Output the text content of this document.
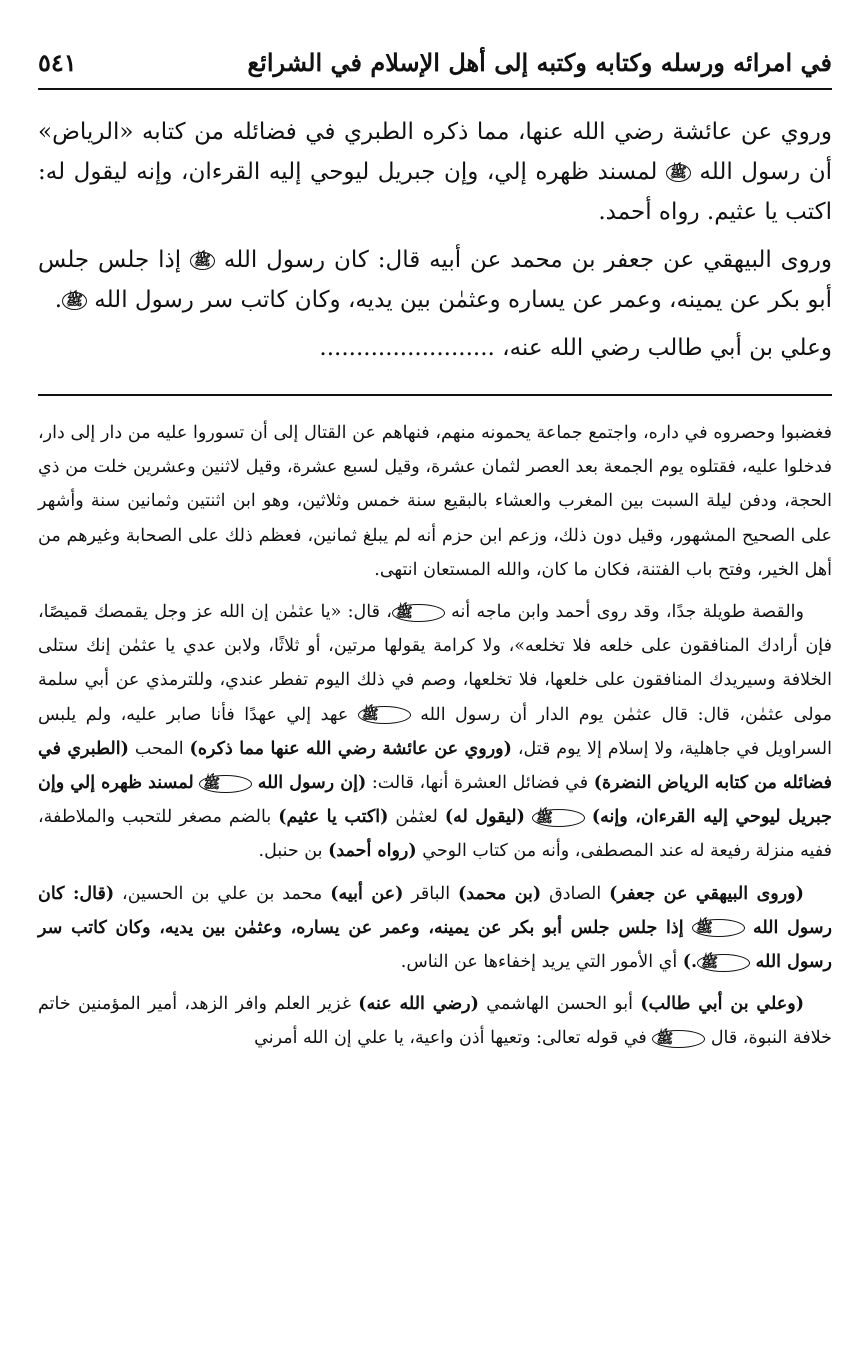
في امرائه ورسله وكتابه وكتبه إلى أهل الإسلام في الشرائع
٥٤١

وروي عن عائشة رضي الله عنها، مما ذكره الطبري في فضائله من كتابه «الرياض» أن رسول الله ﷺ لمسند ظهره إلي، وإن جبريل ليوحي إليه القرءان، وإنه ليقول له: اكتب يا عثيم. رواه أحمد.

وروى البيهقي عن جعفر بن محمد عن أبيه قال: كان رسول الله ﷺ إذا جلس جلس أبو بكر عن يمينه، وعمر عن يساره وعثمٰن بين يديه، وكان كاتب سر رسول الله ﷺ.

وعلي بن أبي طالب رضي الله عنه، ........................

فغضبوا وحصروه في داره، واجتمع جماعة يحمونه منهم، فنهاهم عن القتال إلى أن تسوروا عليه من دار إلى دار، فدخلوا عليه، فقتلوه يوم الجمعة بعد العصر لثمان عشرة، وقيل لسبع عشرة، وقيل لاثنين وعشرين خلت من ذي الحجة، ودفن ليلة السبت بين المغرب والعشاء بالبقيع سنة خمس وثلاثين، وهو ابن اثنتين وثمانين سنة وأشهر على الصحيح المشهور، وقيل دون ذلك، وزعم ابن حزم أنه لم يبلغ ثمانين، فعظم ذلك على الصحابة وغيرهم من أهل الخير، وفتح باب الفتنة، فكان ما كان، والله المستعان انتهى.

والقصة طويلة جدًا، وقد روى أحمد وابن ماجه أنه ﷺ، قال: «يا عثمٰن إن الله عز وجل يقمصك قميصًا، فإن أرادك المنافقون على خلعه فلا تخلعه»، ولا كرامة يقولها مرتين، أو ثلاثًا، ولابن عدي يا عثمٰن إنك ستلى الخلافة وسيريدك المنافقون على خلعها، فلا تخلعها، وصم في ذلك اليوم تفطر عندي، وللترمذي عن أبي سلمة مولى عثمٰن، قال: قال عثمٰن يوم الدار أن رسول الله ﷺ عهد إلي عهدًا فأنا صابر عليه، ولم يلبس السراويل في جاهلية، ولا إسلام إلا يوم قتل، (وروي عن عائشة رضي الله عنها مما ذكره) المحب (الطبري في فضائله من كتابه الرياض النضرة) في فضائل العشرة أنها، قالت: (إن رسول الله ﷺ لمسند ظهره إلي وإن جبريل ليوحي إليه القرءان، وإنه) ﷺ (ليقول له) لعثمٰن (اكتب يا عثيم) بالضم مصغر للتحبب والملاطفة، ففيه منزلة رفيعة له عند المصطفى، وأنه من كتاب الوحي (رواه أحمد) بن حنبل.

(وروى البيهقي عن جعفر) الصادق (بن محمد) الباقر (عن أبيه) محمد بن علي بن الحسين، (قال: كان رسول الله ﷺ إذا جلس جلس أبو بكر عن يمينه، وعمر عن يساره، وعثمٰن بين يديه، وكان كاتب سر رسول الله ﷺ.) أي الأمور التي يريد إخفاءها عن الناس.

(وعلي بن أبي طالب) أبو الحسن الهاشمي (رضي الله عنه) غزير العلم وافر الزهد، أمير المؤمنين خاتم خلافة النبوة، قال ﷺ في قوله تعالى: وتعيها أذن واعية، يا علي إن الله أمرني
